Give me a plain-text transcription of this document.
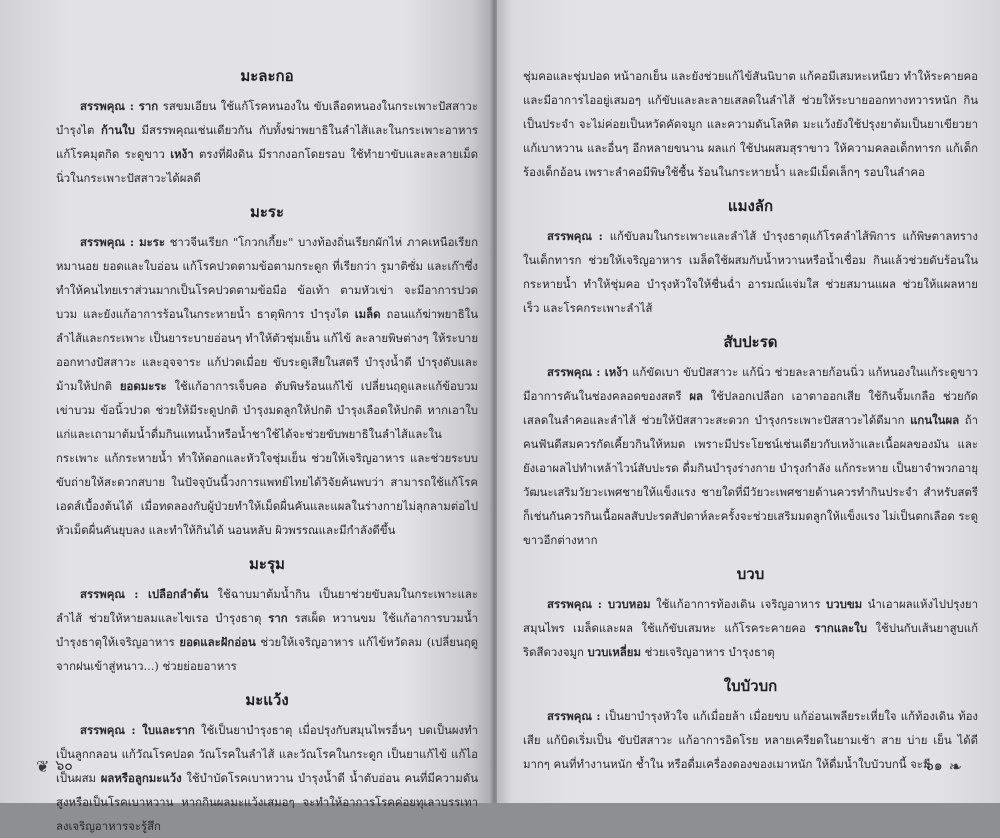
มะละกอ

สรรพคุณ : ราก รสขมเอียน ใช้แก้โรคหนองใน ขับเลือดหนองในกระเพาะปัสสาวะ บำรุงไต ก้านใบ มีสรรพคุณเช่นเดียวกัน กับทั้งฆ่าพยาธิในลำไส้และในกระเพาะอาหาร แก้โรคมุตกิด ระดูขาว เหง้า ตรงที่ฝังดิน มีรากงอกโดยรอบ ใช้ทำยาขับและละลายเม็ดนิ่วในกระเพาะปัสสาวะได้ผลดี

มะระ

สรรพคุณ : มะระ ชาวจีนเรียก "โกวกเกี้ยะ" บางท้องถิ่นเรียกผักไห่ ภาคเหนือเรียกหมานอย ยอดและใบอ่อน แก้โรคปวดตามข้อตามกระดูก ที่เรียกว่า รูมาติซั่ม และเก๊าซึ่งทำให้คนไทยเราส่วนมากเป็นโรคปวดตามข้อมือ ข้อเท้า ตามหัวเข่า จะมีอาการปวดบวม และยังแก้อาการร้อนในกระหายน้ำ ธาตุพิการ บำรุงไต เมล็ด ถอนแก้ฆ่าพยาธิในลำไส้และกระเพาะ เป็นยาระบายอ่อนๆ ทำให้ตัวชุ่มเย็น แก้ไข้ ละลายพิษต่างๆ ให้ระบายออกทางปัสสาวะ และอุจจาระ แก้ปวดเมื่อย ขับระดูเสียในสตรี บำรุงน้ำดี บำรุงตับและม้ามให้ปกติ ยอดมะระ ใช้แก้อาการเจ็บคอ ตับพิษร้อนแก้ไข้ เปลี่ยนฤดูและแก้ข้อบวม เข่าบวม ข้อนิ้วปวด ช่วยให้มีระดูปกติ บำรุงมดลูกให้ปกติ บำรุงเลือดให้ปกติ หากเอาใบแก่และเถามาต้มน้ำดื่มกินแทนน้ำหรือน้ำชาใช้ได้จะช่วยขับพยาธิในลำไส้และในกระเพาะ แก้กระหายน้ำ ทำให้ดอกและหัวใจชุ่มเย็น ช่วยให้เจริญอาหาร และช่วยระบบขับถ่ายให้สะดวกสบาย ในปัจจุบันนี้วงการแพทย์ไทยได้วิจัยค้นพบว่า สามารถใช้แก้โรคเอดส์เบื้องต้นได้ เมื่อทดลองกับผู้ป่วยทำให้เม็ดผื่นคันและแผลในร่างกายไม่ลุกลามต่อไป หัวเม็ดผื่นคันยุบลง และทำให้กินได้ นอนหลับ ผิวพรรณและมีกำลังดีขึ้น

มะรุม

สรรพคุณ : เปลือกลำต้น ใช้ฉาบมาต้มน้ำกิน เป็นยาช่วยขับลมในกระเพาะและลำไส้ ช่วยให้หายลมและไขเรอ บำรุงธาตุ ราก รสเผ็ด หวานขม ใช้แก้อาการบวมน้ำ บำรุงธาตุให้เจริญอาหาร ยอดและฝักอ่อน ช่วยให้เจริญอาหาร แก้ไข้หวัดลม (เปลี่ยนฤดู จากฝนเข้าสู่หนาว...) ช่วยย่อยอาหาร

มะแว้ง

สรรพคุณ : ใบและราก ใช้เป็นยาบำรุงธาตุ เมื่อปรุงกับสมุนไพรอื่นๆ บดเป็นผงทำเป็นลูกกลอน แก้วัณโรคปอด วัณโรคในลำไส้ และวัณโรคในกระดูก เป็นยาแก้ไข้ แก้ไอเป็นผสม ผลหรือลูกมะแว้ง ใช้บำบัดโรคเบาหวาน บำรุงน้ำดี น้ำตับอ่อน คนที่มีความดันสูงหรือเป็นโรคเบาหวาน หากกินผลมะแว้งเสมอๆ จะทำให้อาการโรคค่อยทุเลาบรรเทาลงเจริญอาหารจะรู้สึก

ชุ่มคอและชุ่มปอด หน้าอกเย็น และยังช่วยแก้ไข้สันนิบาต แก้คอมีเสมหะเหนียว ทำให้ระคายคอ และมีอาการไออยู่เสมอๆ แก้ขับและละลายเสลดในลำไส้ ช่วยให้ระบายออกทางทวารหนัก กินเป็นประจำ จะไม่ค่อยเป็นหวัดคัดจมูก และความดันโลหิต มะแว้งยังใช้ปรุงยาต้มเป็นยาเขียวยาแก้เบาหวาน และอื่นๆ อีกหลายขนาน ผลแก่ ใช้ปนผสมสุราขาว ให้ความคลอเด็กทารก แก้เด็กร้องเด็กอ้อน เพราะลำคอมีพิษใช้ซื้น ร้อนในกระหายน้ำ และมีเม็ดเล็กๆ รอบในลำคอ

แมงลัก

สรรพคุณ : แก้ขับลมในกระเพาะและลำไส้ บำรุงธาตุแก้โรคลำไส้พิการ แก้พิษตาลทรางในเด็กทารก ช่วยให้เจริญอาหาร เมล็ดใช้ผสมกับน้ำหวานหรือน้ำเชื่อม กินแล้วช่วยดับร้อนในกระหายน้ำ ทำให้ชุ่มคอ บำรุงหัวใจให้ชื่นฉ่ำ อารมณ์แจ่มใส ช่วยสมานแผล ช่วยให้แผลหายเร็ว และโรคกระเพาะลำไส้

สับปะรด

สรรพคุณ : เหง้า แก้ขัดเบา ขับปัสสาวะ แก้นิ่ว ช่วยละลายก้อนนิ่ว แก้หนองในแก้ระดูขาว มีอาการคันในช่องคลอดของสตรี ผล ใช้ปลอกเปลือก เอาตาออกเสีย ใช้กินจิ้มเกลือ ช่วยกัดเสลดในลำคอและลำไส้ ช่วยให้ปัสสาวะสะดวก บำรุงกระเพาะปัสสาวะได้ดีมาก แกนในผล ถ้าคนฟันดีสมควรกัดเคี้ยวกินให้หมด เพราะมีประโยชน์เช่นเดียวกับเหง้าและเนื้อผลของมัน และยังเอาผลไปทำเหล้าไวน์สับปะรด ดื่มกินบำรุงร่างกาย บำรุงกำลัง แก้กระหาย เป็นยาจำพวกอายุวัฒนะเสริมวัยวะเพศชายให้แข็งแรง ชายใดที่มีวัยวะเพศชายด้านควรทำกินประจำ สำหรับสตรีก็เช่นกันควรกินเนื้อผลสับปะรดสัปดาห์ละครั้งจะช่วยเสริมมดลูกให้แข็งแรง ไม่เป็นตกเลือด ระดูขาวอีกต่างหาก

บวบ

สรรพคุณ : บวบหอม ใช้แก้อาการท้องเดิน เจริญอาหาร บวบขม นำเอาผลแห้งไปปรุงยาสมุนไพร เมล็ดและผล ใช้แก้ขับเสมหะ แก้โรคระคายคอ รากและใบ ใช้ปนกับเส้นยาสูบแก้ริดสีดวงจมูก บวบเหลี่ยม ช่วยเจริญอาหาร บำรุงธาตุ

ใบบัวบก

สรรพคุณ : เป็นยาบำรุงหัวใจ แก้เมื่อยล้า เมื่อยขบ แก้อ่อนเพลียระเหี่ยใจ แก้ท้องเดิน ท้องเสีย แก้บิดเริ่มเป็น ขับปัสสาวะ แก้อาการอิดโรย หลายเครียดในยามเช้า สาย บ่าย เย็น ได้ดีมากๆ คนที่ทำงานหนัก ช้ำใน หรือดื่มเครื่องดองของเมาหนัก ให้ดื่มน้ำใบบัวบกนี้ จะมี

❦ ๖๐	๖๑ ❧
